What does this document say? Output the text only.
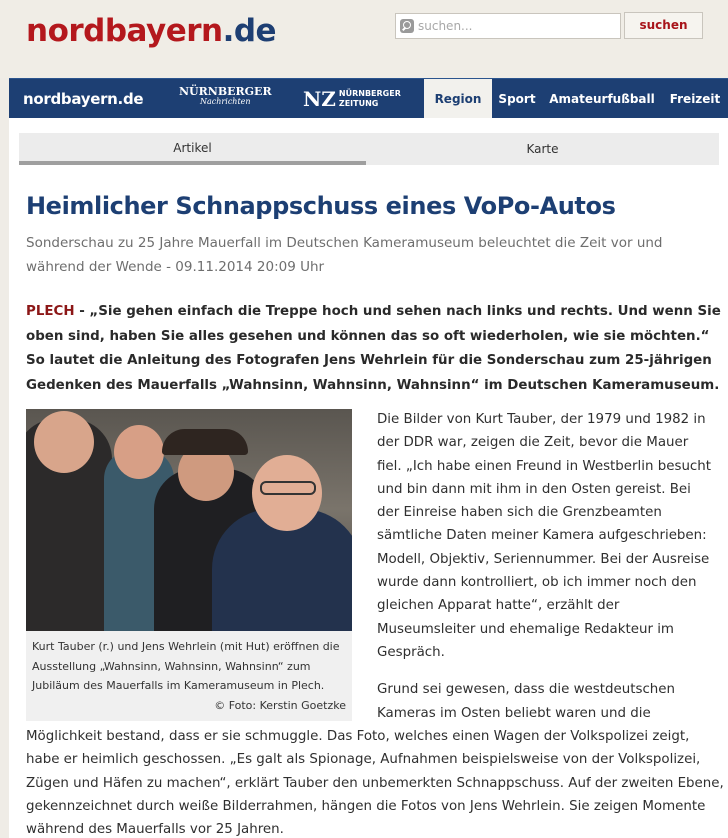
nordbayern.de
suchen...	suchen
nordbayern.de	NÜRNBERGER
Nachrichten	NZ NÜRNBERGER
ZEITUNG	Region	Sport Amateurfußball	Freizeit
Artikel	Karte
Heimlicher Schnappschuss eines VoPo-Autos
Sonderschau zu 25 Jahre Mauerfall im Deutschen Kameramuseum beleuchtet die Zeit vor und während der Wende - 09.11.2014 20:09 Uhr
PLECH - „Sie gehen einfach die Treppe hoch und sehen nach links und rechts. Und wenn Sie oben sind, haben Sie alles gesehen und können das so oft wiederholen, wie sie möchten.“ So lautet die Anleitung des Fotografen Jens Wehrlein für die Sonderschau zum 25-jährigen Gedenken des Mauerfalls „Wahnsinn, Wahnsinn, Wahnsinn“ im Deutschen Kameramuseum.
Kurt Tauber (r.) und Jens Wehrlein (mit Hut) eröffnen die Ausstellung „Wahnsinn, Wahnsinn, Wahnsinn“ zum Jubiläum des Mauerfalls im Kameramuseum in Plech.
© Foto: Kerstin Goetzke

Die Bilder von Kurt Tauber, der 1979 und 1982 in der DDR war, zeigen die Zeit, bevor die Mauer fiel. „Ich habe einen Freund in Westberlin besucht und bin dann mit ihm in den Osten gereist. Bei der Einreise haben sich die Grenzbeamten sämtliche Daten meiner Kamera aufgeschrieben: Modell, Objektiv, Seriennummer. Bei der Ausreise wurde dann kontrolliert, ob ich immer noch den gleichen Apparat hatte“, erzählt der Museumsleiter und ehemalige Redakteur im Gespräch.

Grund sei gewesen, dass die westdeutschen Kameras im Osten beliebt waren und die

Möglichkeit bestand, dass er sie schmuggle. Das Foto, welches einen Wagen der Volkspolizei zeigt, habe er heimlich geschossen. „Es galt als Spionage, Aufnahmen beispielsweise von der Volkspolizei, Zügen und Häfen zu machen“, erklärt Tauber den unbemerkten Schnappschuss. Auf der zweiten Ebene, gekennzeichnet durch weiße Bilderrahmen, hängen die Fotos von Jens Wehrlein. Sie zeigen Momente während des Mauerfalls vor 25 Jahren.
